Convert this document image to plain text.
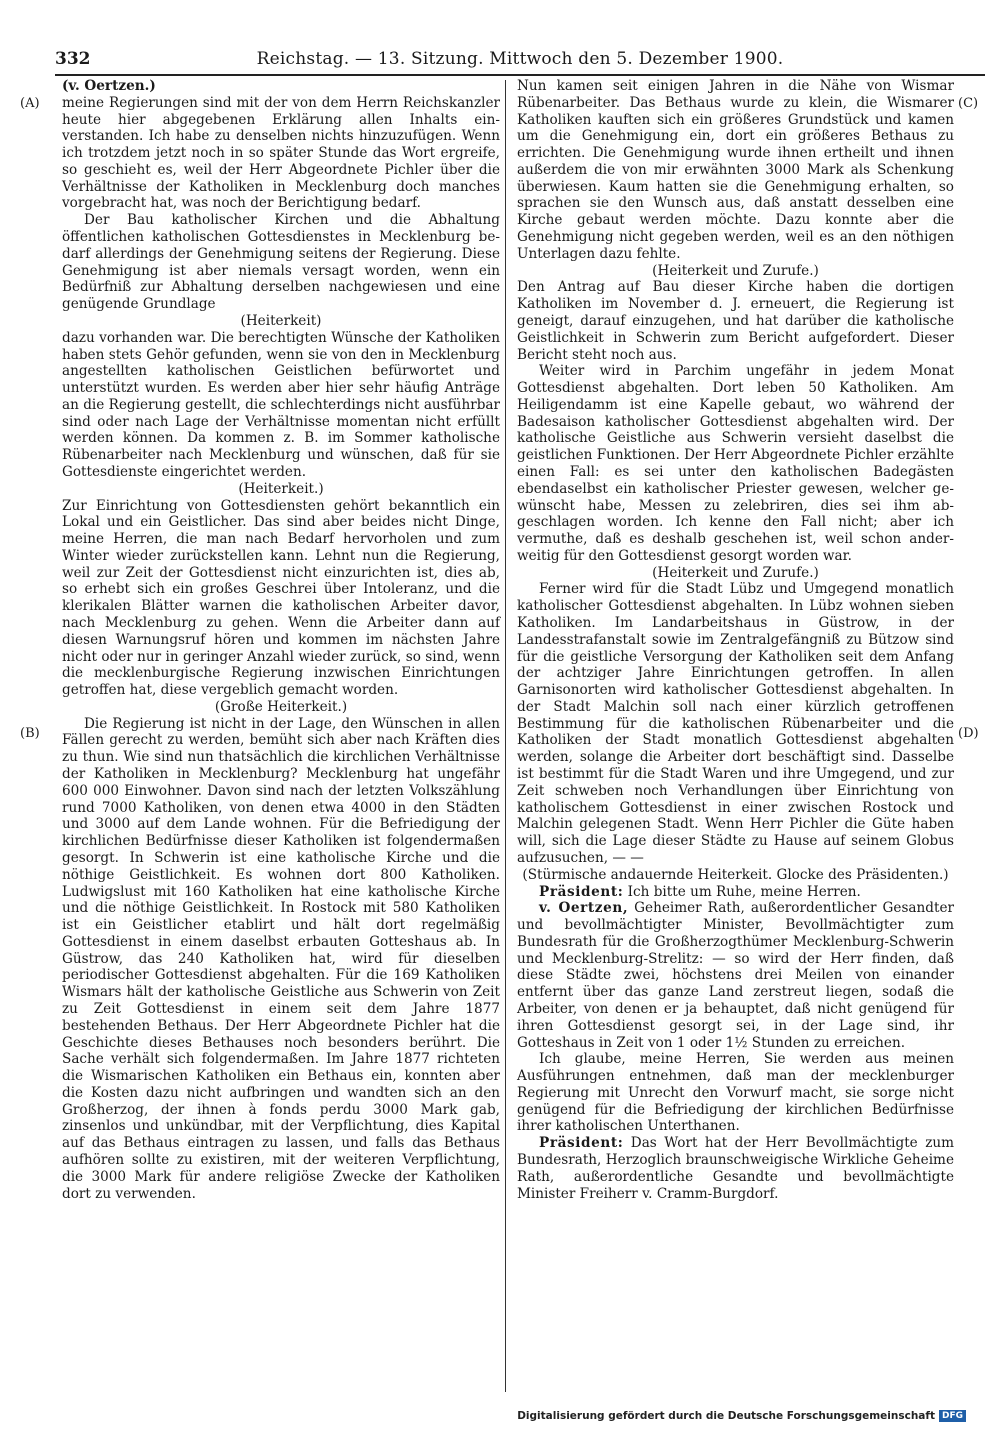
332	Reichstag. — 13. Sitzung. Mittwoch den 5. Dezember 1900.
(A)
(B)
(C)
(D)

(v. Oertzen.)

meine Regierungen sind mit der von dem Herrn Reichskanzler heute hier abgegebenen Erklärung allen Inhalts einverstanden. Ich habe zu denselben nichts hinzuzufügen. Wenn ich trotzdem jetzt noch in so später Stunde das Wort ergreife, so geschieht es, weil der Herr Abgeordnete Pichler über die Verhältnisse der Katholiken in Mecklenburg doch manches vorgebracht hat, was noch der Berichtigung bedarf.

Der Bau katholischer Kirchen und die Abhaltung öffentlichen katholischen Gottesdienstes in Mecklenburg bedarf allerdings der Genehmigung seitens der Regierung. Diese Genehmigung ist aber niemals versagt worden, wenn ein Bedürfniß zur Abhaltung derselben nachgewiesen und eine genügende Grundlage

(Heiterkeit)

dazu vorhanden war. Die berechtigten Wünsche der Katholiken haben stets Gehör gefunden, wenn sie von den in Mecklenburg angestellten katholischen Geistlichen befürwortet und unterstützt wurden. Es werden aber hier sehr häufig Anträge an die Regierung gestellt, die schlechterdings nicht ausführbar sind oder nach Lage der Verhältnisse momentan nicht erfüllt werden können. Da kommen z. B. im Sommer katholische Rübenarbeiter nach Mecklenburg und wünschen, daß für sie Gottesdienste eingerichtet werden.

(Heiterkeit.)

Zur Einrichtung von Gottesdiensten gehört bekanntlich ein Lokal und ein Geistlicher. Das sind aber beides nicht Dinge, meine Herren, die man nach Bedarf hervorholen und zum Winter wieder zurückstellen kann. Lehnt nun die Regierung, weil zur Zeit der Gottesdienst nicht einzurichten ist, dies ab, so erhebt sich ein großes Geschrei über Intoleranz, und die klerikalen Blätter warnen die katholischen Arbeiter davor, nach Mecklenburg zu gehen. Wenn die Arbeiter dann auf diesen Warnungsruf hören und kommen im nächsten Jahre nicht oder nur in geringer Anzahl wieder zurück, so sind, wenn die mecklenburgische Regierung inzwischen Einrichtungen getroffen hat, diese vergeblich gemacht worden.

(Große Heiterkeit.)

Die Regierung ist nicht in der Lage, den Wünschen in allen Fällen gerecht zu werden, bemüht sich aber nach Kräften dies zu thun. Wie sind nun thatsächlich die kirchlichen Verhältnisse der Katholiken in Mecklenburg? Mecklenburg hat ungefähr 600 000 Einwohner. Davon sind nach der letzten Volkszählung rund 7000 Katholiken, von denen etwa 4000 in den Städten und 3000 auf dem Lande wohnen. Für die Befriedigung der kirchlichen Bedürfnisse dieser Katholiken ist folgendermaßen gesorgt. In Schwerin ist eine katholische Kirche und die nöthige Geistlichkeit. Es wohnen dort 800 Katholiken. Ludwigslust mit 160 Katholiken hat eine katholische Kirche und die nöthige Geistlichkeit. In Rostock mit 580 Katholiken ist ein Geistlicher etablirt und hält dort regelmäßig Gottesdienst in einem daselbst erbauten Gotteshaus ab. In Güstrow, das 240 Katholiken hat, wird für dieselben periodischer Gottesdienst abgehalten. Für die 169 Katholiken Wismars hält der katholische Geistliche aus Schwerin von Zeit zu Zeit Gottesdienst in einem seit dem Jahre 1877 bestehenden Bethaus. Der Herr Abgeordnete Pichler hat die Geschichte dieses Bethauses noch besonders berührt. Die Sache verhält sich folgendermaßen. Im Jahre 1877 richteten die Wismarischen Katholiken ein Bethaus ein, konnten aber die Kosten dazu nicht aufbringen und wandten sich an den Großherzog, der ihnen à fonds perdu 3000 Mark gab, zinsenlos und unkündbar, mit der Verpflichtung, dies Kapital auf das Bethaus eintragen zu lassen, und falls das Bethaus aufhören sollte zu existiren, mit der weiteren Verpflichtung, die 3000 Mark für andere religiöse Zwecke der Katholiken dort zu verwenden.

Nun kamen seit einigen Jahren in die Nähe von Wismar Rübenarbeiter. Das Bethaus wurde zu klein, die Wismarer Katholiken kauften sich ein größeres Grundstück und kamen um die Genehmigung ein, dort ein größeres Bethaus zu errichten. Die Genehmigung wurde ihnen ertheilt und ihnen außerdem die von mir erwähnten 3000 Mark als Schenkung überwiesen. Kaum hatten sie die Genehmigung erhalten, so sprachen sie den Wunsch aus, daß anstatt desselben eine Kirche gebaut werden möchte. Dazu konnte aber die Genehmigung nicht gegeben werden, weil es an den nöthigen Unterlagen dazu fehlte.

(Heiterkeit und Zurufe.)

Den Antrag auf Bau dieser Kirche haben die dortigen Katholiken im November d. J. erneuert, die Regierung ist geneigt, darauf einzugehen, und hat darüber die katholische Geistlichkeit in Schwerin zum Bericht aufgefordert. Dieser Bericht steht noch aus.

Weiter wird in Parchim ungefähr in jedem Monat Gottesdienst abgehalten. Dort leben 50 Katholiken. Am Heiligendamm ist eine Kapelle gebaut, wo während der Badesaison katholischer Gottesdienst abgehalten wird. Der katholische Geistliche aus Schwerin versieht daselbst die geistlichen Funktionen. Der Herr Abgeordnete Pichler erzählte einen Fall: es sei unter den katholischen Badegästen ebendaselbst ein katholischer Priester gewesen, welcher gewünscht habe, Messen zu zelebriren, dies sei ihm abgeschlagen worden. Ich kenne den Fall nicht; aber ich vermuthe, daß es deshalb geschehen ist, weil schon anderweitig für den Gottesdienst gesorgt worden war.

(Heiterkeit und Zurufe.)

Ferner wird für die Stadt Lübz und Umgegend monatlich katholischer Gottesdienst abgehalten. In Lübz wohnen sieben Katholiken. Im Landarbeitshaus in Güstrow, in der Landesstrafanstalt sowie im Zentralgefängniß zu Bützow sind für die geistliche Versorgung der Katholiken seit dem Anfang der achtziger Jahre Einrichtungen getroffen. In allen Garnisonorten wird katholischer Gottesdienst abgehalten. In der Stadt Malchin soll nach einer kürzlich getroffenen Bestimmung für die katholischen Rübenarbeiter und die Katholiken der Stadt monatlich Gottesdienst abgehalten werden, solange die Arbeiter dort beschäftigt sind. Dasselbe ist bestimmt für die Stadt Waren und ihre Umgegend, und zur Zeit schweben noch Verhandlungen über Einrichtung von katholischem Gottesdienst in einer zwischen Rostock und Malchin gelegenen Stadt. Wenn Herr Pichler die Güte haben will, sich die Lage dieser Städte zu Hause auf seinem Globus aufzusuchen, — —

(Stürmische andauernde Heiterkeit. Glocke des Präsidenten.)

Präsident: Ich bitte um Ruhe, meine Herren.

v. Oertzen, Geheimer Rath, außerordentlicher Gesandter und bevollmächtigter Minister, Bevollmächtigter zum Bundesrath für die Großherzogthümer Mecklenburg-Schwerin und Mecklenburg-Strelitz: — so wird der Herr finden, daß diese Städte zwei, höchstens drei Meilen von einander entfernt über das ganze Land zerstreut liegen, sodaß die Arbeiter, von denen er ja behauptet, daß nicht genügend für ihren Gottesdienst gesorgt sei, in der Lage sind, ihr Gotteshaus in Zeit von 1 oder 1½ Stunden zu erreichen.

Ich glaube, meine Herren, Sie werden aus meinen Ausführungen entnehmen, daß man der mecklenburger Regierung mit Unrecht den Vorwurf macht, sie sorge nicht genügend für die Befriedigung der kirchlichen Bedürfnisse ihrer katholischen Unterthanen.

Präsident: Das Wort hat der Herr Bevollmächtigte zum Bundesrath, Herzoglich braunschweigische Wirkliche Geheime Rath, außerordentliche Gesandte und bevollmächtigte Minister Freiherr v. Cramm-Burgdorf.

Digitalisierung gefördert durch die Deutsche Forschungsgemeinschaft DFG
